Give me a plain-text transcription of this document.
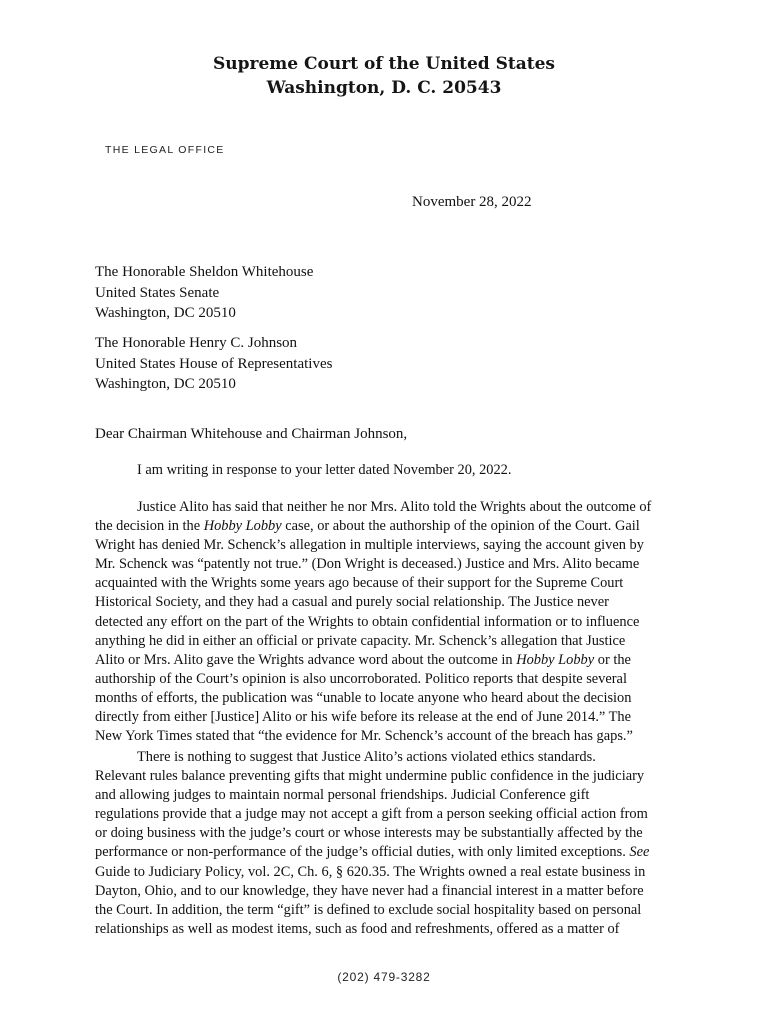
Supreme Court of the United States
Washington, D. C. 20543
THE LEGAL OFFICE
November 28, 2022
The Honorable Sheldon Whitehouse
United States Senate
Washington, DC 20510
The Honorable Henry C. Johnson
United States House of Representatives
Washington, DC 20510
Dear Chairman Whitehouse and Chairman Johnson,
I am writing in response to your letter dated November 20, 2022.
Justice Alito has said that neither he nor Mrs. Alito told the Wrights about the outcome of
the decision in the Hobby Lobby case, or about the authorship of the opinion of the Court. Gail
Wright has denied Mr. Schenck’s allegation in multiple interviews, saying the account given by
Mr. Schenck was “patently not true.” (Don Wright is deceased.) Justice and Mrs. Alito became
acquainted with the Wrights some years ago because of their support for the Supreme Court
Historical Society, and they had a casual and purely social relationship. The Justice never
detected any effort on the part of the Wrights to obtain confidential information or to influence
anything he did in either an official or private capacity. Mr. Schenck’s allegation that Justice
Alito or Mrs. Alito gave the Wrights advance word about the outcome in Hobby Lobby or the
authorship of the Court’s opinion is also uncorroborated. Politico reports that despite several
months of efforts, the publication was “unable to locate anyone who heard about the decision
directly from either [Justice] Alito or his wife before its release at the end of June 2014.” The
New York Times stated that “the evidence for Mr. Schenck’s account of the breach has gaps.”
There is nothing to suggest that Justice Alito’s actions violated ethics standards.
Relevant rules balance preventing gifts that might undermine public confidence in the judiciary
and allowing judges to maintain normal personal friendships. Judicial Conference gift
regulations provide that a judge may not accept a gift from a person seeking official action from
or doing business with the judge’s court or whose interests may be substantially affected by the
performance or non-performance of the judge’s official duties, with only limited exceptions. See
Guide to Judiciary Policy, vol. 2C, Ch. 6, § 620.35. The Wrights owned a real estate business in
Dayton, Ohio, and to our knowledge, they have never had a financial interest in a matter before
the Court. In addition, the term “gift” is defined to exclude social hospitality based on personal
relationships as well as modest items, such as food and refreshments, offered as a matter of
(202) 479-3282
